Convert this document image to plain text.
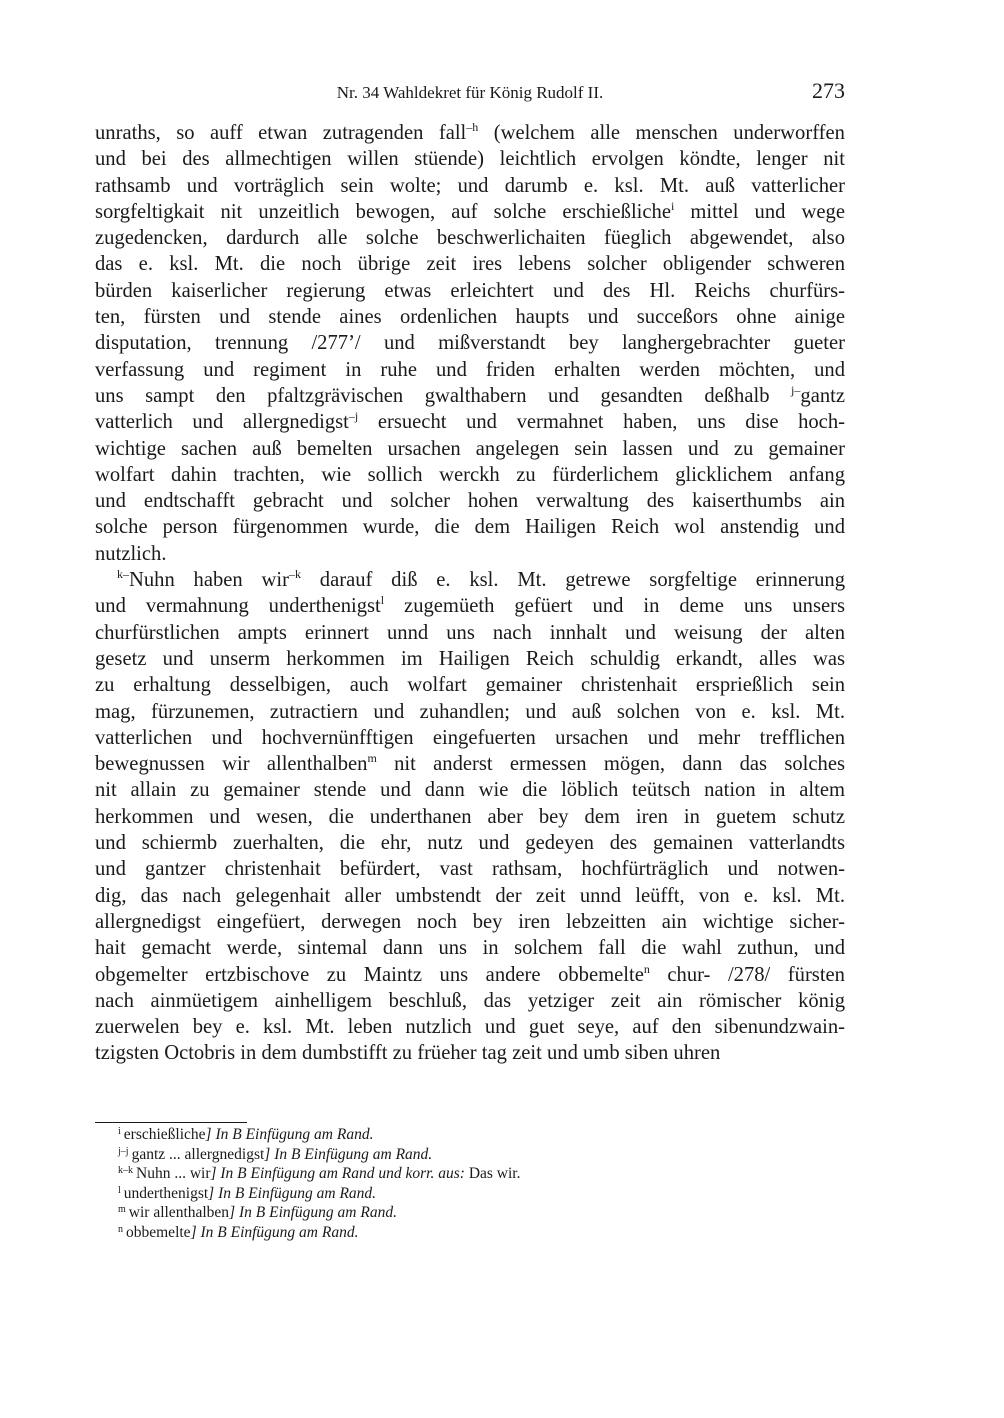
Nr. 34 Wahldekret für König Rudolf II.	273
unraths, so auff etwan zutragenden fall$^{-h}$ (welchem alle menschen underworffen
und bei des allmechtigen willen stüende) leichtlich ervolgen köndte, lenger nit
rathsamb und vorträglich sein wolte; und darumb e. ksl. Mt. auß vatterlicher
sorgfeltigkait nit unzeitlich bewogen, auf solche erschießliche$^i$ mittel und wege
zugedencken, dardurch alle solche beschwerlichaiten füeglich abgewendet, also
das e. ksl. Mt. die noch übrige zeit ires lebens solcher obligender schweren
bürden kaiserlicher regierung etwas erleichtert und des Hl. Reichs churfürs-
ten, fürsten und stende aines ordenlichen haupts und succeßors ohne ainige
disputation, trennung /277’/ und mißverstandt bey langhergebrachter gueter
verfassung und regiment in ruhe und friden erhalten werden möchten, und
uns sampt den pfaltzgrävischen gwalthabern und gesandten deßhalb $^{j-}$gantz
vatterlich und allergnedigst$^{-j}$ ersuecht und vermahnet haben, uns dise hoch-
wichtige sachen auß bemelten ursachen angelegen sein lassen und zu gemainer
wolfart dahin trachten, wie sollich werckh zu fürderlichem glicklichem anfang
und endtschafft gebracht und solcher hohen verwaltung des kaiserthumbs ain
solche person fürgenommen wurde, die dem Hailigen Reich wol anstendig und
nutzlich.
$^{k-}$Nuhn haben wir$^{-k}$ darauf diß e. ksl. Mt. getrewe sorgfeltige erinnerung
und vermahnung underthenigst$^l$ zugemüeth gefüert und in deme uns unsers
churfürstlichen ampts erinnert unnd uns nach innhalt und weisung der alten
gesetz und unserm herkommen im Hailigen Reich schuldig erkandt, alles was
zu erhaltung desselbigen, auch wolfart gemainer christenhait ersprießlich sein
mag, fürzunemen, zutractiern und zuhandlen; und auß solchen von e. ksl. Mt.
vatterlichen und hochvernünfftigen eingefuerten ursachen und mehr trefflichen
bewegnussen wir allenthalben$^m$ nit anderst ermessen mögen, dann das solches
nit allain zu gemainer stende und dann wie die löblich teütsch nation in altem
herkommen und wesen, die underthanen aber bey dem iren in guetem schutz
und schiermb zuerhalten, die ehr, nutz und gedeyen des gemainen vatterlandts
und gantzer christenhait befürdert, vast rathsam, hochfürträglich und notwen-
dig, das nach gelegenhait aller umbstendt der zeit unnd leüfft, von e. ksl. Mt.
allergnedigst eingefüert, derwegen noch bey iren lebzeitten ain wichtige sicher-
hait gemacht werde, sintemal dann uns in solchem fall die wahl zuthun, und
obgemelter ertzbischove zu Maintz uns andere obbemelte$^n$ chur- /278/ fürsten
nach ainmüetigem ainhelligem beschluß, das yetziger zeit ain römischer könig
zuerwelen bey e. ksl. Mt. leben nutzlich und guet seye, auf den sibenundzwain-
tzigsten Octobris in dem dumbstifft zu früeher tag zeit und umb siben uhren
$^i$ erschießliche] In B Einfügung am Rand.
$^{j-j}$ gantz ... allergnedigst] In B Einfügung am Rand.
$^{k-k}$ Nuhn ... wir] In B Einfügung am Rand und korr. aus: Das wir.
$^l$ underthenigst] In B Einfügung am Rand.
$^m$ wir allenthalben] In B Einfügung am Rand.
$^n$ obbemelte] In B Einfügung am Rand.
